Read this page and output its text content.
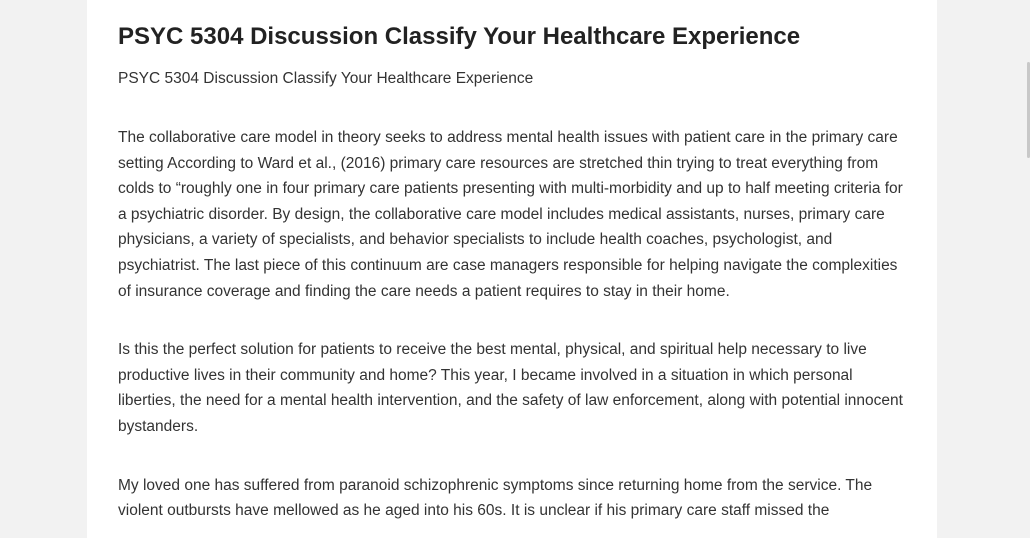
PSYC 5304 Discussion Classify Your Healthcare Experience

PSYC 5304 Discussion Classify Your Healthcare Experience

The collaborative care model in theory seeks to address mental health issues with patient care in the primary care setting According to Ward et al., (2016) primary care resources are stretched thin trying to treat everything from colds to “roughly one in four primary care patients presenting with multi-morbidity and up to half meeting criteria for a psychiatric disorder. By design, the collaborative care model includes medical assistants, nurses, primary care physicians, a variety of specialists, and behavior specialists to include health coaches, psychologist, and psychiatrist. The last piece of this continuum are case managers responsible for helping navigate the complexities of insurance coverage and finding the care needs a patient requires to stay in their home.

Is this the perfect solution for patients to receive the best mental, physical, and spiritual help necessary to live productive lives in their community and home? This year, I became involved in a situation in which personal liberties, the need for a mental health intervention, and the safety of law enforcement, along with potential innocent bystanders.

My loved one has suffered from paranoid schizophrenic symptoms since returning home from the service. The violent outbursts have mellowed as he aged into his 60s. It is unclear if his primary care staff missed the
